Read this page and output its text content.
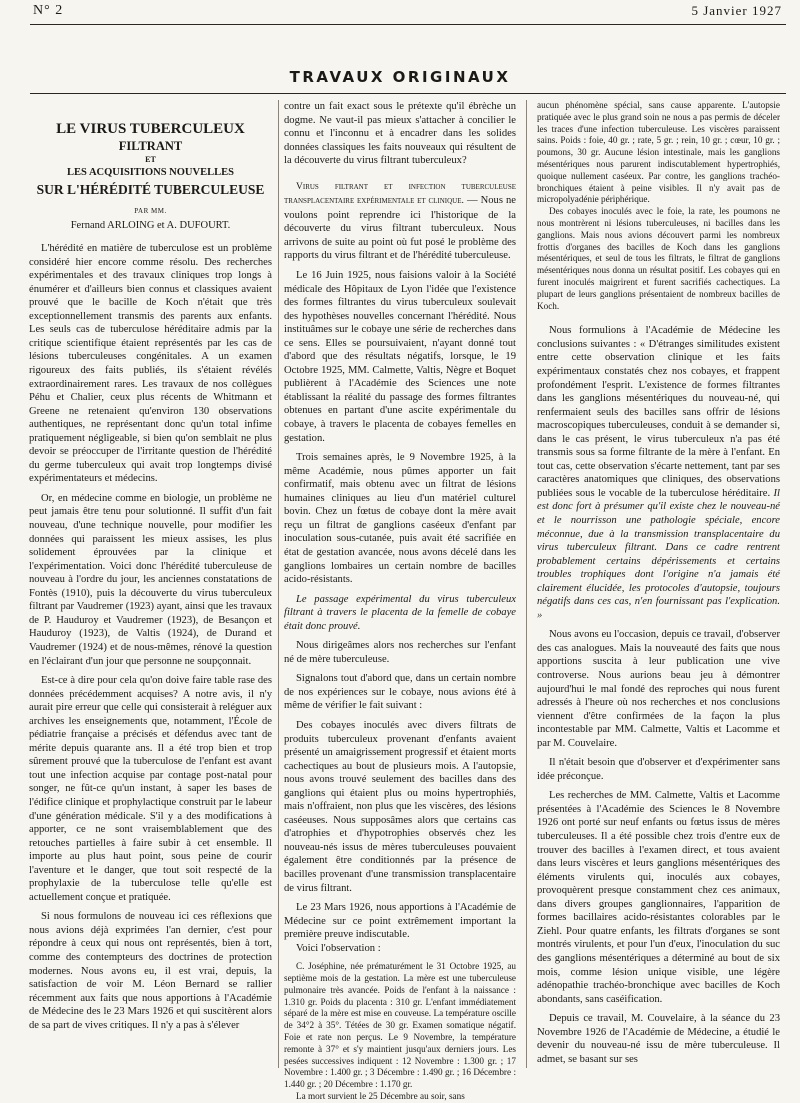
N° 2	5 Janvier 1927
TRAVAUX ORIGINAUX

LE VIRUS TUBERCULEUX

FILTRANT

ET

LES ACQUISITIONS NOUVELLES

SUR L'HÉRÉDITÉ TUBERCULEUSE

PAR MM.

Fernand ARLOING et A. DUFOURT.

L'hérédité en matière de tuberculose est un problème considéré hier encore comme résolu. Des recherches expérimentales et des travaux cliniques trop longs à énumérer et d'ailleurs bien connus et classiques avaient prouvé que le bacille de Koch n'était que très exceptionnellement transmis des parents aux enfants. Les seuls cas de tuberculose héréditaire admis par la critique scientifique étaient représentés par les cas de lésions tuberculeuses congénitales. A un examen rigoureux des faits publiés, ils s'étaient révélés extraordinairement rares. Les travaux de nos collègues Péhu et Chalier, ceux plus récents de Whitmann et Greene ne retenaient qu'environ 130 observations authentiques, ne représentant donc qu'un total infime pratiquement négligeable, si bien qu'on semblait ne plus devoir se préoccuper de l'irritante question de l'hérédité du germe tuberculeux qui avait trop longtemps divisé expérimentateurs et médecins.

Or, en médecine comme en biologie, un problème ne peut jamais être tenu pour solutionné. Il suffit d'un fait nouveau, d'une technique nouvelle, pour modifier les données qui paraissent les mieux assises, les plus solidement éprouvées par la clinique et l'expérimentation. Voici donc l'hérédité tuberculeuse de nouveau à l'ordre du jour, les anciennes constatations de Fontès (1910), puis la découverte du virus tuberculeux filtrant par Vaudremer (1923) ayant, ainsi que les travaux de P. Hauduroy et Vaudremer (1923), de Besançon et Hauduroy (1923), de Valtis (1924), de Durand et Vaudremer (1924) et de nous-mêmes, rénové la question en l'éclairant d'un jour que personne ne soupçonnait.

Est-ce à dire pour cela qu'on doive faire table rase des données précédemment acquises? A notre avis, il n'y aurait pire erreur que celle qui consisterait à reléguer aux archives les enseignements que, notamment, l'École de pédiatrie française a précisés et défendus avec tant de mérite depuis quarante ans. Il a été trop bien et trop sûrement prouvé que la tuberculose de l'enfant est avant tout une infection acquise par contage post-natal pour songer, ne fût-ce qu'un instant, à saper les bases de l'édifice clinique et prophylactique construit par le labeur d'une génération médicale. S'il y a des modifications à apporter, ce ne sont vraisemblablement que des retouches partielles à faire subir à cet ensemble. Il importe au plus haut point, sous peine de courir l'aventure et le danger, que tout soit respecté de la prophylaxie de la tuberculose telle qu'elle est actuellement conçue et pratiquée.

Si nous formulons de nouveau ici ces réflexions que nous avions déjà exprimées l'an dernier, c'est pour répondre à ceux qui nous ont représentés, bien à tort, comme des contempteurs des doctrines de protection modernes. Nous avons eu, il est vrai, depuis, la satisfaction de voir M. Léon Bernard se rallier récemment aux faits que nous apportions à l'Académie de Médecine des le 23 Mars 1926 et qui suscitèrent alors de sa part de vives critiques. Il n'y a pas à s'élever

contre un fait exact sous le prétexte qu'il ébrèche un dogme. Ne vaut-il pas mieux s'attacher à concilier le connu et l'inconnu et à encadrer dans les solides données classiques les faits nouveaux qui résultent de la découverte du virus filtrant tuberculeux?

Virus filtrant et infection tuberculeuse transplacentaire expérimentale et clinique. — Nous ne voulons point reprendre ici l'historique de la découverte du virus filtrant tuberculeux. Nous arrivons de suite au point où fut posé le problème des rapports du virus filtrant et de l'hérédité tuberculeuse.

Le 16 Juin 1925, nous faisions valoir à la Société médicale des Hôpitaux de Lyon l'idée que l'existence des formes filtrantes du virus tuberculeux soulevait des hypothèses nouvelles concernant l'hérédité. Nous instituâmes sur le cobaye une série de recherches dans ce sens. Elles se poursuivaient, n'ayant donné tout d'abord que des résultats négatifs, lorsque, le 19 Octobre 1925, MM. Calmette, Valtis, Nègre et Boquet publièrent à l'Académie des Sciences une note établissant la réalité du passage des formes filtrantes obtenues en partant d'une ascite expérimentale du cobaye, à travers le placenta de cobayes femelles en gestation.

Trois semaines après, le 9 Novembre 1925, à la même Académie, nous pûmes apporter un fait confirmatif, mais obtenu avec un filtrat de lésions humaines cliniques au lieu d'un matériel culturel bovin. Chez un fœtus de cobaye dont la mère avait reçu un filtrat de ganglions caséeux d'enfant par inoculation sous-cutanée, puis avait été sacrifiée en état de gestation avancée, nous avons décelé dans les ganglions lombaires un certain nombre de bacilles acido-résistants.

Le passage expérimental du virus tuberculeux filtrant à travers le placenta de la femelle de cobaye était donc prouvé.

Nous dirigeâmes alors nos recherches sur l'enfant né de mère tuberculeuse.

Signalons tout d'abord que, dans un certain nombre de nos expériences sur le cobaye, nous avions été à même de vérifier le fait suivant :

Des cobayes inoculés avec divers filtrats de produits tuberculeux provenant d'enfants avaient présenté un amaigrissement progressif et étaient morts cachectiques au bout de plusieurs mois. A l'autopsie, nous avons trouvé seulement des bacilles dans des ganglions qui étaient plus ou moins hypertrophiés, mais n'offraient, non plus que les viscères, des lésions caséeuses. Nous supposâmes alors que certains cas d'atrophies et d'hypotrophies observés chez les nouveau-nés issus de mères tuberculeuses pouvaient également être conditionnés par la présence de bacilles provenant d'une transmission transplacentaire de virus filtrant.

Le 23 Mars 1926, nous apportions à l'Académie de Médecine sur ce point extrêmement important la première preuve indiscutable.

Voici l'observation :

C. Joséphine, née prématurément le 31 Octobre 1925, au septième mois de la gestation. La mère est une tuberculeuse pulmonaire très avancée. Poids de l'enfant à la naissance : 1.310 gr. Poids du placenta : 310 gr. L'enfant immédiatement séparé de la mère est mise en couveuse. La température oscille de 34°2 à 35°. Tétées de 30 gr. Examen somatique négatif. Foie et rate non perçus. Le 9 Novembre, la température remonte à 37° et s'y maintient jusqu'aux derniers jours. Les pesées successives indiquent : 12 Novembre : 1.300 gr. ; 17 Novembre : 1.400 gr. ; 3 Décembre : 1.490 gr. ; 16 Décembre : 1.440 gr. ; 20 Décembre : 1.170 gr.

La mort survient le 25 Décembre au soir, sans

aucun phénomène spécial, sans cause apparente. L'autopsie pratiquée avec le plus grand soin ne nous a pas permis de déceler les traces d'une infection tuberculeuse. Les viscères paraissent sains. Poids : foie, 40 gr. ; rate, 5 gr. ; rein, 10 gr. ; cœur, 10 gr. ; poumons, 30 gr. Aucune lésion intestinale, mais les ganglions mésentériques nous parurent indiscutablement hypertrophiés, quoique nullement caséeux. Par contre, les ganglions trachéo-bronchiques étaient à peine visibles. Il n'y avait pas de micropolyadénie périphérique.

Des cobayes inoculés avec le foie, la rate, les poumons ne nous montrèrent ni lésions tuberculeuses, ni bacilles dans les ganglions. Mais nous avions découvert parmi les nombreux frottis d'organes des bacilles de Koch dans les ganglions mésentériques, et seul de tous les filtrats, le filtrat de ganglions mésentériques nous donna un résultat positif. Les cobayes qui en furent inoculés maigrirent et furent sacrifiés cachectiques. La plupart de leurs ganglions présentaient de nombreux bacilles de Koch.

Nous formulions à l'Académie de Médecine les conclusions suivantes : « D'étranges similitudes existent entre cette observation clinique et les faits expérimentaux constatés chez nos cobayes, et frappent profondément l'esprit. L'existence de formes filtrantes dans les ganglions mésentériques du nouveau-né, qui renfermaient seuls des bacilles sans offrir de lésions macroscopiques tuberculeuses, conduit à se demander si, dans le cas présent, le virus tuberculeux n'a pas été transmis sous sa forme filtrante de la mère à l'enfant. En tout cas, cette observation s'écarte nettement, tant par ses caractères anatomiques que cliniques, des observations publiées sous le vocable de la tuberculose héréditaire. Il est donc fort à présumer qu'il existe chez le nouveau-né et le nourrisson une pathologie spéciale, encore méconnue, due à la transmission transplacentaire du virus tuberculeux filtrant. Dans ce cadre rentrent probablement certains dépérissements et certains troubles trophiques dont l'origine n'a jamais été clairement élucidée, les protocoles d'autopsie, toujours négatifs dans ces cas, n'en fournissant pas l'explication. »

Nous avons eu l'occasion, depuis ce travail, d'observer des cas analogues. Mais la nouveauté des faits que nous apportions suscita à leur publication une vive controverse. Nous aurions beau jeu à démontrer aujourd'hui le mal fondé des reproches qui nous furent adressés à l'heure où nos recherches et nos conclusions viennent d'être confirmées de la façon la plus incontestable par MM. Calmette, Valtis et Lacomme et par M. Couvelaire.

Il n'était besoin que d'observer et d'expérimenter sans idée préconçue.

Les recherches de MM. Calmette, Valtis et Lacomme présentées à l'Académie des Sciences le 8 Novembre 1926 ont porté sur neuf enfants ou fœtus issus de mères tuberculeuses. Il a été possible chez trois d'entre eux de trouver des bacilles à l'examen direct, et tous avaient dans leurs viscères et leurs ganglions mésentériques des éléments virulents qui, inoculés aux cobayes, provoquèrent presque constamment chez ces animaux, dans divers groupes ganglionnaires, l'apparition de formes bacillaires acido-résistantes colorables par le Ziehl. Pour quatre enfants, les filtrats d'organes se sont montrés virulents, et pour l'un d'eux, l'inoculation du suc des ganglions mésentériques a déterminé au bout de six mois, comme lésion unique visible, une légère adénopathie trachéo-bronchique avec bacilles de Koch abondants, sans caséification.

Depuis ce travail, M. Couvelaire, à la séance du 23 Novembre 1926 de l'Académie de Médecine, a étudié le devenir du nouveau-né issu de mère tuberculeuse. Il admet, se basant sur ses
